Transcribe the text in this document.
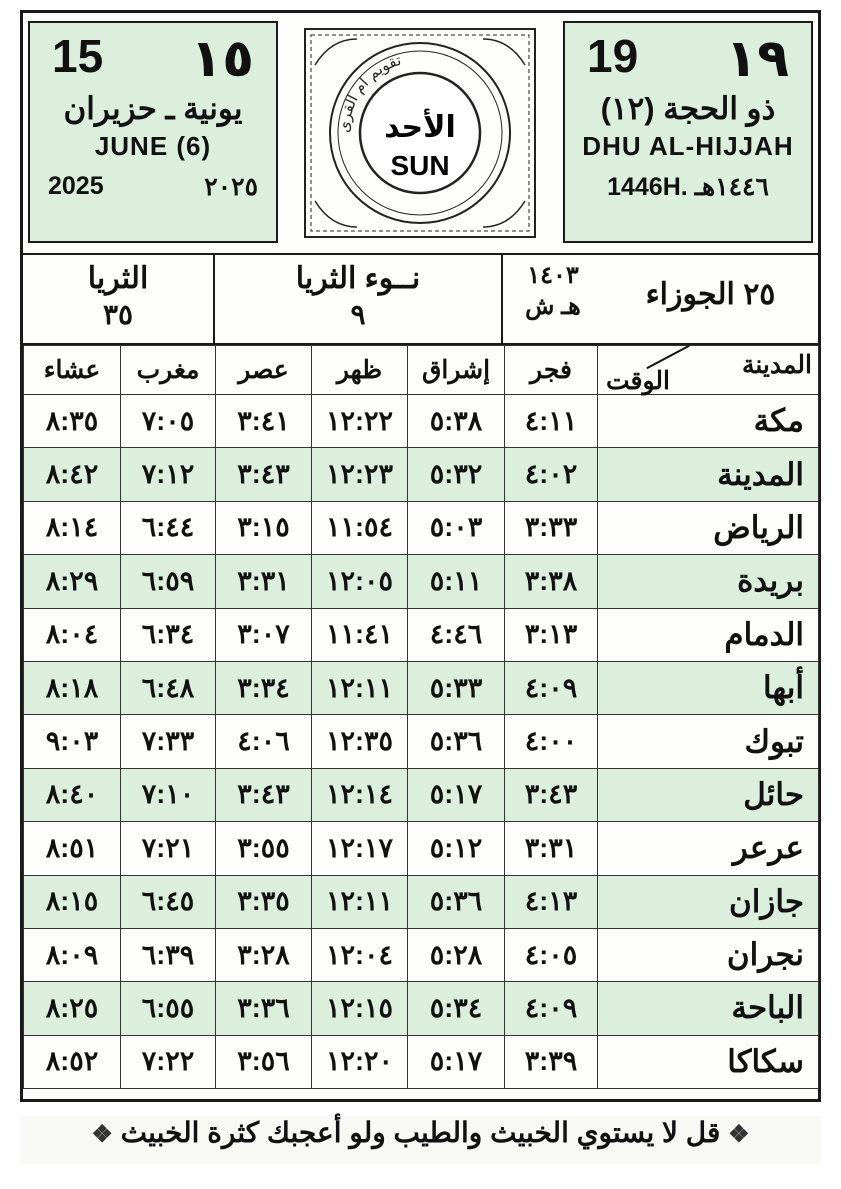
15 ١٥
يونية ـ حزيران
JUNE (6)
2025	٢٠٢٥
تقويم ام القرى
الأحد
SUN
19 ١٩
ذو الحجة (١٢)
DHU AL-HIJJAH
1446H. ١٤٤٦هـ
الثريا
٣٥
نــوء الثريا
٩
١٤٠٣
هـ ش	٢٥ الجوزاء
عشاء	مغرب	عصر	ظهر	إشراق	فجر	المدينة
الوقت

٨:٣٥	٧:٠٥	٣:٤١	١٢:٢٢	٥:٣٨	٤:١١	مكة
٨:٤٢	٧:١٢	٣:٤٣	١٢:٢٣	٥:٣٢	٤:٠٢	المدينة
٨:١٤	٦:٤٤	٣:١٥	١١:٥٤	٥:٠٣	٣:٣٣	الرياض
٨:٢٩	٦:٥٩	٣:٣١	١٢:٠٥	٥:١١	٣:٣٨	بريدة
٨:٠٤	٦:٣٤	٣:٠٧	١١:٤١	٤:٤٦	٣:١٣	الدمام
٨:١٨	٦:٤٨	٣:٣٤	١٢:١١	٥:٣٣	٤:٠٩	أبها
٩:٠٣	٧:٣٣	٤:٠٦	١٢:٣٥	٥:٣٦	٤:٠٠	تبوك
٨:٤٠	٧:١٠	٣:٤٣	١٢:١٤	٥:١٧	٣:٤٣	حائل
٨:٥١	٧:٢١	٣:٥٥	١٢:١٧	٥:١٢	٣:٣١	عرعر
٨:١٥	٦:٤٥	٣:٣٥	١٢:١١	٥:٣٦	٤:١٣	جازان
٨:٠٩	٦:٣٩	٣:٢٨	١٢:٠٤	٥:٢٨	٤:٠٥	نجران
٨:٢٥	٦:٥٥	٣:٣٦	١٢:١٥	٥:٣٤	٤:٠٩	الباحة
٨:٥٢	٧:٢٢	٣:٥٦	١٢:٢٠	٥:١٧	٣:٣٩	سكاكا
❖ قل لا يستوي الخبيث والطيب ولو أعجبك كثرة الخبيث ❖
